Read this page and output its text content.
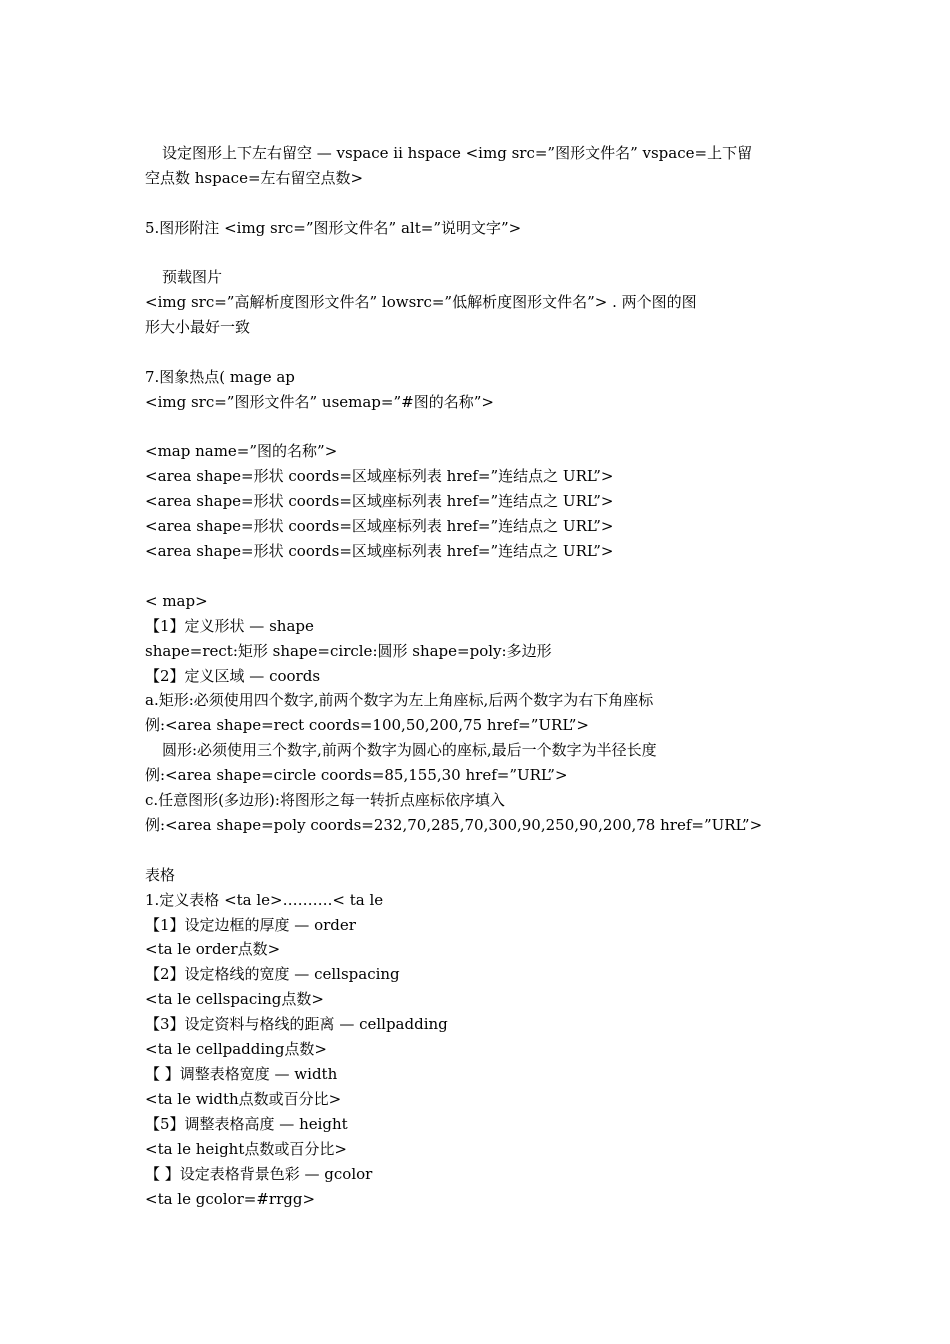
设定图形上下左右留空 — vspace ii hspace <img src=”图形文件名” vspace=上下留
空点数 hspace=左右留空点数>
5.图形附注 <img src=”图形文件名” alt=”说明文字”>
预载图片
<img src=”高解析度图形文件名” lowsrc=”低解析度图形文件名”> . 两个图的图
形大小最好一致
7.图象热点( mage ap
<img src=”图形文件名” usemap=”#图的名称”>
<map name=”图的名称”>
<area shape=形状 coords=区域座标列表 href=”连结点之 URL”>
<area shape=形状 coords=区域座标列表 href=”连结点之 URL”>
<area shape=形状 coords=区域座标列表 href=”连结点之 URL”>
<area shape=形状 coords=区域座标列表 href=”连结点之 URL”>
< map>
【1】定义形状 — shape
shape=rect:矩形 shape=circle:圆形 shape=poly:多边形
【2】定义区域 — coords
a.矩形:必须使用四个数字,前两个数字为左上角座标,后两个数字为右下角座标
例:<area shape=rect coords=100,50,200,75 href=”URL”>
圆形:必须使用三个数字,前两个数字为圆心的座标,最后一个数字为半径长度
例:<area shape=circle coords=85,155,30 href=”URL”>
c.任意图形(多边形):将图形之每一转折点座标依序填入
例:<area shape=poly coords=232,70,285,70,300,90,250,90,200,78 href=”URL”>
表格
1.定义表格 <ta le>……….< ta le
【1】设定边框的厚度 — order
<ta le order点数>
【2】设定格线的宽度 — cellspacing
<ta le cellspacing点数>
【3】设定资料与格线的距离 — cellpadding
<ta le cellpadding点数>
【 】调整表格宽度 — width
<ta le width点数或百分比>
【5】调整表格高度 — height
<ta le height点数或百分比>
【 】设定表格背景色彩 — gcolor
<ta le gcolor=#rrgg>
